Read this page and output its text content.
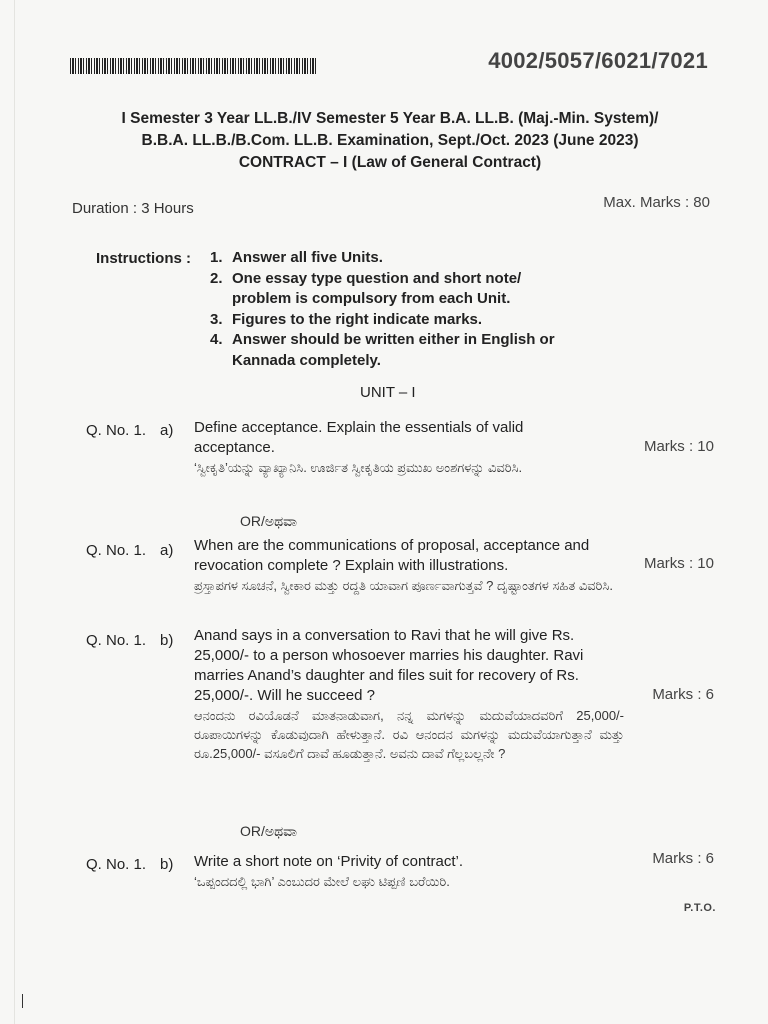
4002/5057/6021/7021
I Semester 3 Year LL.B./IV Semester 5 Year B.A. LL.B. (Maj.-Min. System)/
B.B.A. LL.B./B.Com. LL.B. Examination, Sept./Oct. 2023 (June 2023)
CONTRACT – I (Law of General Contract)
Duration : 3 Hours	Max. Marks : 80
Instructions : 1. Answer all five Units.
2. One essay type question and short note/ problem is compulsory from each Unit.
3. Figures to the right indicate marks.
4. Answer should be written either in English or Kannada completely.
UNIT – I
Q. No. 1. a) Define acceptance. Explain the essentials of valid acceptance.
‘ಸ್ವೀಕೃತಿ’ಯನ್ನು ವ್ಯಾಖ್ಯಾನಿಸಿ. ಊರ್ಜಿತ ಸ್ವೀಕೃತಿಯ ಪ್ರಮುಖ ಅಂಶಗಳನ್ನು ವಿವರಿಸಿ.
Marks : 10
OR/ಅಥವಾ
Q. No. 1. a) When are the communications of proposal, acceptance and revocation complete ? Explain with illustrations.
ಪ್ರಸ್ತಾಪಗಳ ಸೂಚನೆ, ಸ್ವೀಕಾರ ಮತ್ತು ರದ್ದತಿ ಯಾವಾಗ ಪೂರ್ಣವಾಗುತ್ತವೆ ? ದೃಷ್ಟಾಂತಗಳ ಸಹಿತ ವಿವರಿಸಿ.
Marks : 10
Q. No. 1. b) Anand says in a conversation to Ravi that he will give Rs. 25,000/- to a person whosoever marries his daughter. Ravi marries Anand’s daughter and files suit for recovery of Rs. 25,000/-. Will he succeed ?
ಆನಂದನು ರವಿಯೊಡನೆ ಮಾತನಾಡುವಾಗ, ನನ್ನ ಮಗಳನ್ನು ಮದುವೆಯಾದವರಿಗೆ 25,000/- ರೂಪಾಯಿಗಳನ್ನು ಕೊಡುವುದಾಗಿ ಹೇಳುತ್ತಾನೆ. ರವಿ ಆನಂದನ ಮಗಳನ್ನು ಮದುವೆಯಾಗುತ್ತಾನೆ ಮತ್ತು ರೂ.25,000/- ವಸೂಲಿಗೆ ದಾವೆ ಹೂಡುತ್ತಾನೆ. ಅವನು ದಾವೆ ಗೆಲ್ಲಬಲ್ಲನೇ ?
Marks : 6
OR/ಅಥವಾ
Q. No. 1. b) Write a short note on ‘Privity of contract’.
‘ಒಪ್ಪಂದದಲ್ಲಿ ಭಾಗಿ’ ಎಂಬುದರ ಮೇಲೆ ಲಘು ಟಿಪ್ಪಣಿ ಬರೆಯಿರಿ.
Marks : 6
P.T.O.
